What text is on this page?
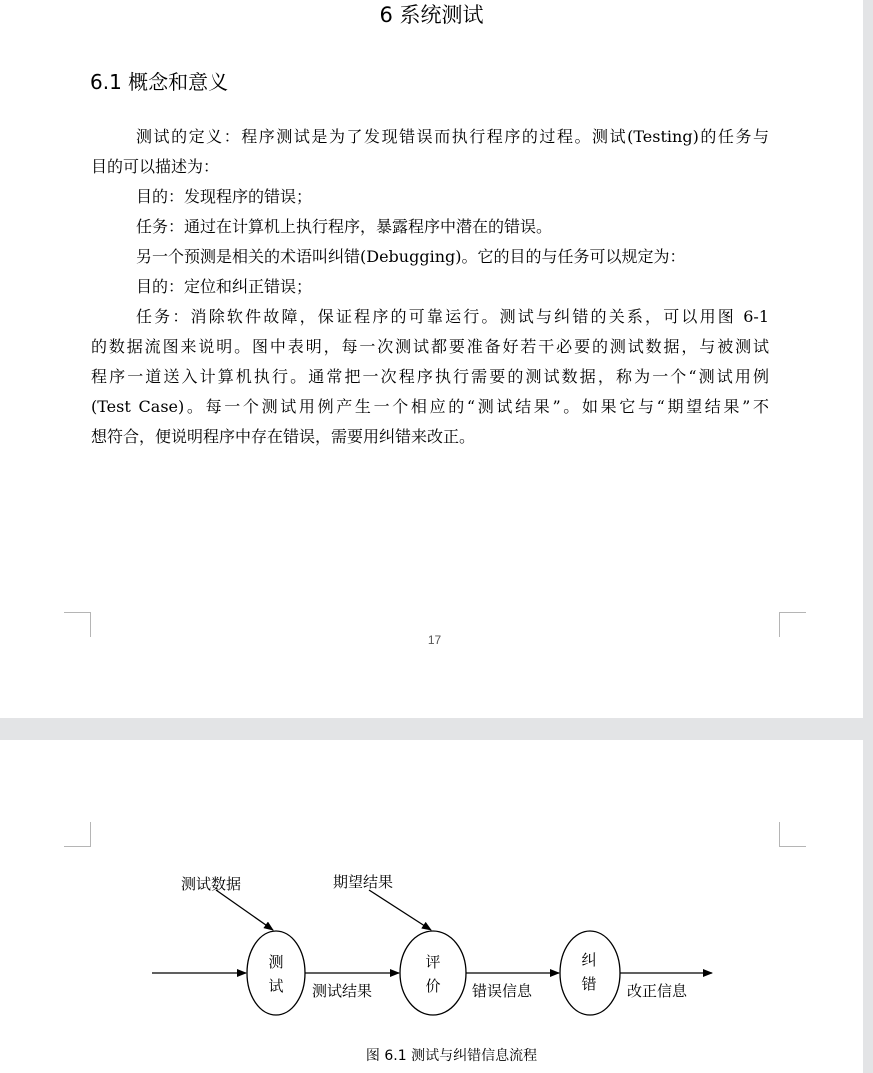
6 系统测试
6.1 概念和意义
测试的定义：程序测试是为了发现错误而执行程序的过程。测试(Testing)的任务与
目的可以描述为：
目的：发现程序的错误；
任务：通过在计算机上执行程序，暴露程序中潜在的错误。
另一个预测是相关的术语叫纠错(Debugging)。它的目的与任务可以规定为：
目的：定位和纠正错误；
任务：消除软件故障，保证程序的可靠运行。测试与纠错的关系，可以用图 6-1
的数据流图来说明。图中表明，每一次测试都要准备好若干必要的测试数据，与被测试
程序一道送入计算机执行。通常把一次程序执行需要的测试数据，称为一个“测试用例
(Test Case)。每一个测试用例产生一个相应的“测试结果”。如果它与“期望结果”不
想符合，便说明程序中存在错误，需要用纠错来改正。
17
测试数据	期望结果
测
试
评
价
纠
错
测试结果	错误信息	改正信息
图 6.1 测试与纠错信息流程
